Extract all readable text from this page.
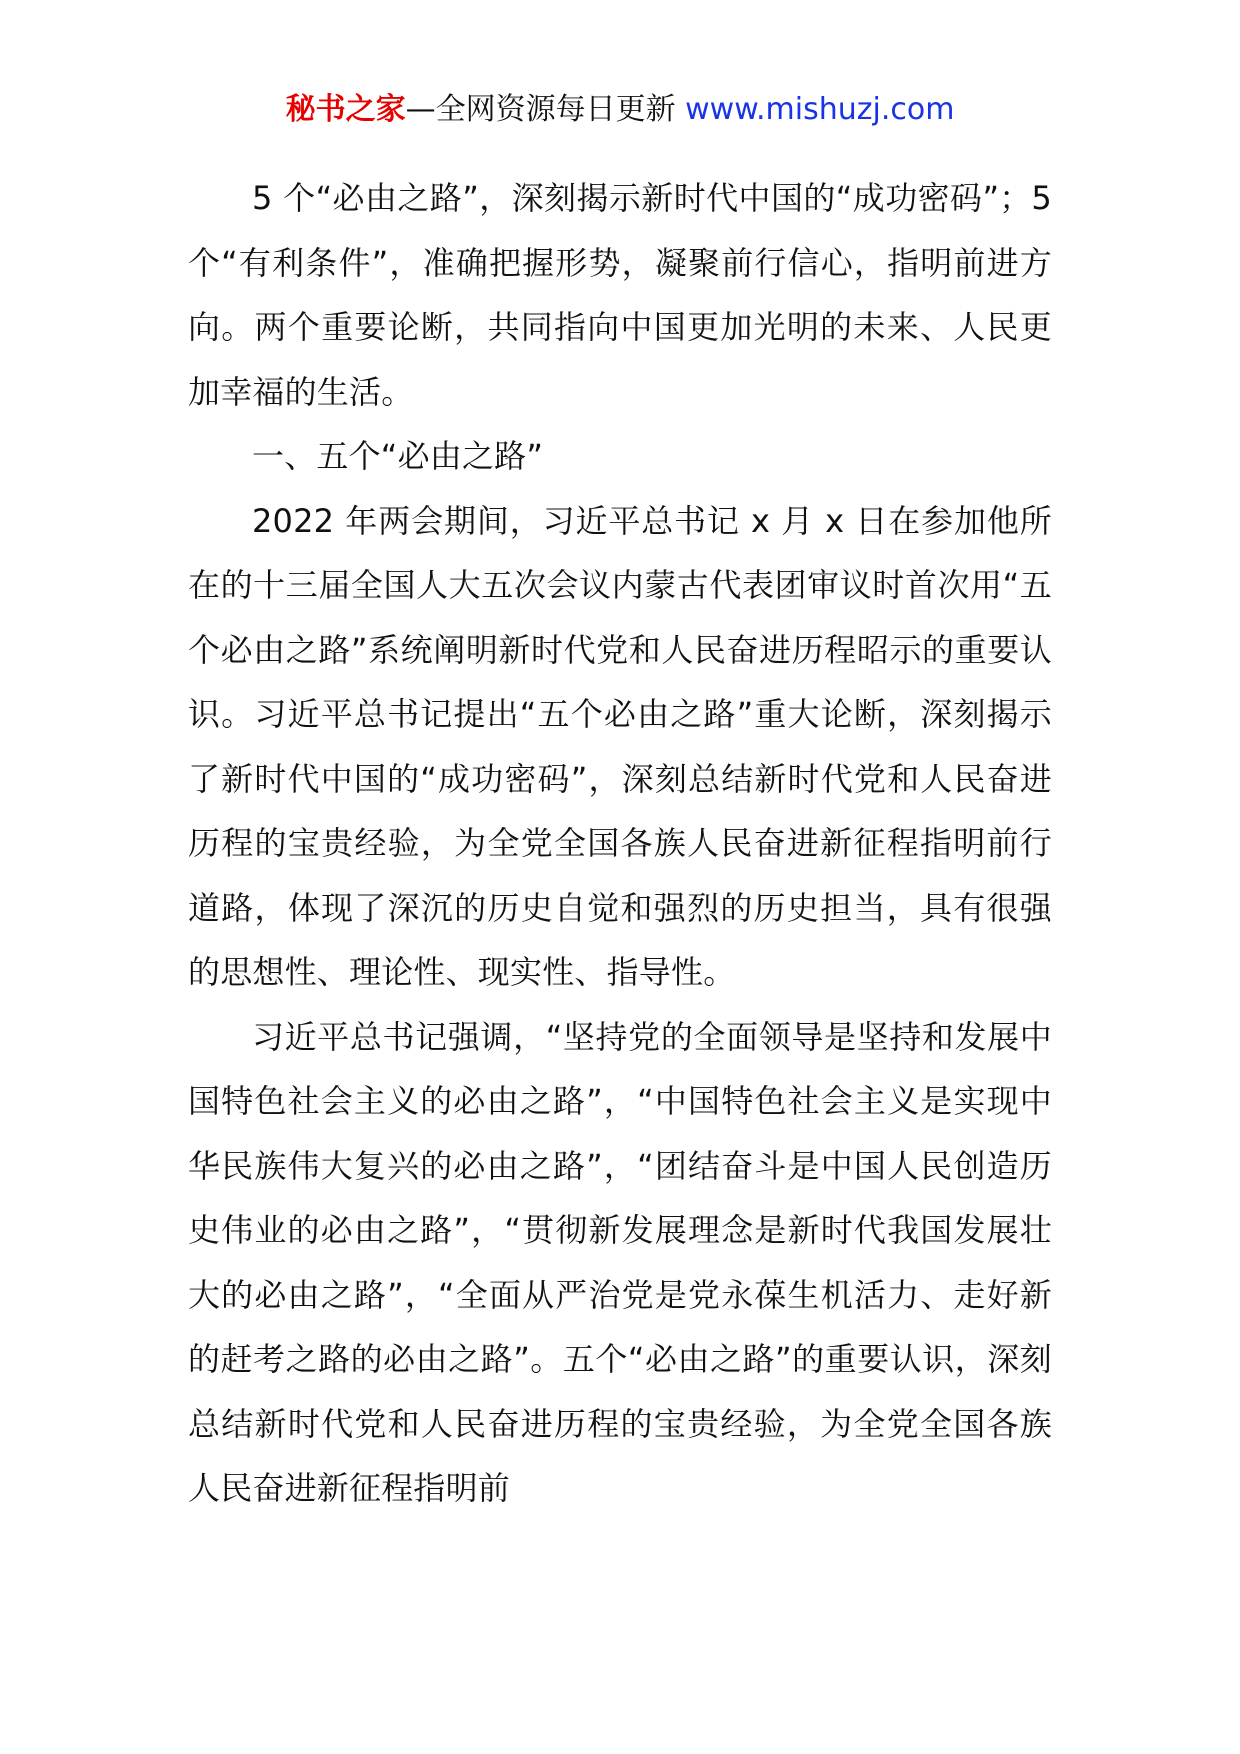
秘书之家—全网资源每日更新 www.mishuzj.com

5 个“必由之路”，深刻揭示新时代中国的“成功密码”；5 个“有利条件”，准确把握形势，凝聚前行信心，指明前进方向。两个重要论断，共同指向中国更加光明的未来、人民更加幸福的生活。

一、五个“必由之路”

2022 年两会期间，习近平总书记 x 月 x 日在参加他所在的十三届全国人大五次会议内蒙古代表团审议时首次用“五个必由之路”系统阐明新时代党和人民奋进历程昭示的重要认识。习近平总书记提出“五个必由之路”重大论断，深刻揭示了新时代中国的“成功密码”，深刻总结新时代党和人民奋进历程的宝贵经验，为全党全国各族人民奋进新征程指明前行道路，体现了深沉的历史自觉和强烈的历史担当，具有很强的思想性、理论性、现实性、指导性。

习近平总书记强调，“坚持党的全面领导是坚持和发展中国特色社会主义的必由之路”，“中国特色社会主义是实现中华民族伟大复兴的必由之路”，“团结奋斗是中国人民创造历史伟业的必由之路”，“贯彻新发展理念是新时代我国发展壮大的必由之路”，“全面从严治党是党永葆生机活力、走好新的赶考之路的必由之路”。五个“必由之路”的重要认识，深刻总结新时代党和人民奋进历程的宝贵经验，为全党全国各族人民奋进新征程指明前
